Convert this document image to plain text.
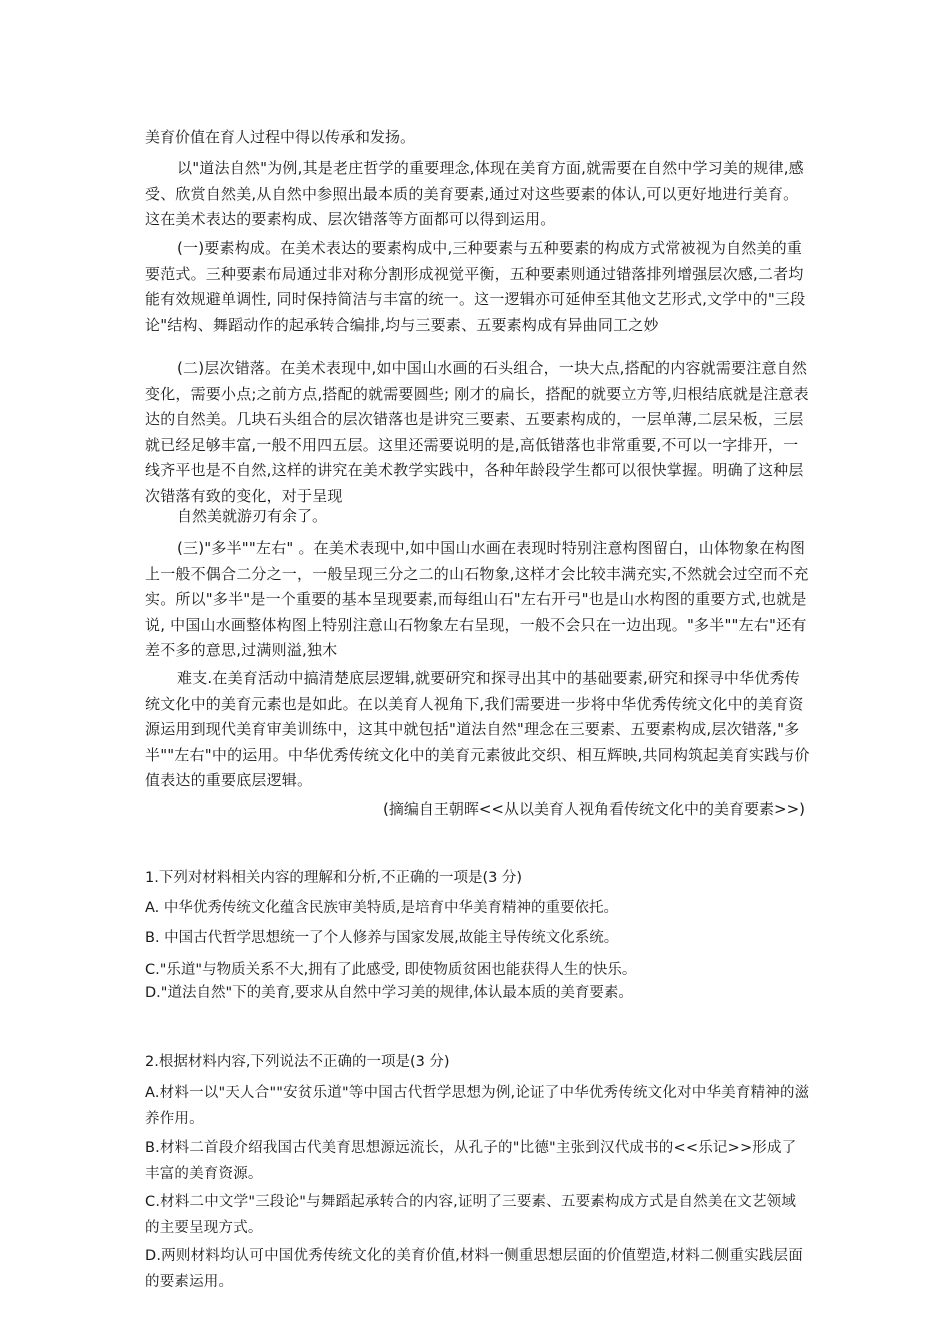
美育价值在育人过程中得以传承和发扬。

以"道法自然"为例,其是老庄哲学的重要理念,体现在美育方面,就需要在自然中学习美的规律,感受、欣赏自然美,从自然中参照出最本质的美育要素,通过对这些要素的体认,可以更好地进行美育。这在美术表达的要素构成、层次错落等方面都可以得到运用。

(一)要素构成。在美术表达的要素构成中,三种要素与五种要素的构成方式常被视为自然美的重要范式。三种要素布局通过非对称分割形成视觉平衡，五种要素则通过错落排列增强层次感,二者均能有效规避单调性, 同时保持简洁与丰富的统一。这一逻辑亦可延伸至其他文艺形式,文学中的"三段论"结构、舞蹈动作的起承转合编排,均与三要素、五要素构成有异曲同工之妙

(二)层次错落。在美术表现中,如中国山水画的石头组合，一块大点,搭配的内容就需要注意自然变化，需要小点;之前方点,搭配的就需要圆些; 刚才的扁长，搭配的就要立方等,归根结底就是注意表达的自然美。几块石头组合的层次错落也是讲究三要素、五要素构成的，一层单薄,二层呆板，三层就已经足够丰富,一般不用四五层。这里还需要说明的是,高低错落也非常重要,不可以一字排开，一线齐平也是不自然,这样的讲究在美术教学实践中，各种年龄段学生都可以很快掌握。明确了这种层次错落有致的变化，对于呈现

自然美就游刃有余了。

(三)"多半""左右" 。在美术表现中,如中国山水画在表现时特别注意构图留白，山体物象在构图上一般不偶合二分之一，一般呈现三分之二的山石物象,这样才会比较丰满充实,不然就会过空而不充实。所以"多半"是一个重要的基本呈现要素,而每组山石"左右开弓"也是山水构图的重要方式,也就是说, 中国山水画整体构图上特别注意山石物象左右呈现，一般不会只在一边出现。"多半""左右"还有差不多的意思,过满则溢,独木

难支.在美育活动中搞清楚底层逻辑,就要研究和探寻出其中的基础要素,研究和探寻中华优秀传统文化中的美育元素也是如此。在以美育人视角下,我们需要进一步将中华优秀传统文化中的美育资源运用到现代美育审美训练中，这其中就包括"道法自然"理念在三要素、五要素构成,层次错落,"多半""左右"中的运用。中华优秀传统文化中的美育元素彼此交织、相互辉映,共同构筑起美育实践与价值表达的重要底层逻辑。

(摘编自王朝晖<<从以美育人视角看传统文化中的美育要素>>)

1.下列对材料相关内容的理解和分析,不正确的一项是(3 分)

A. 中华优秀传统文化蕴含民族审美特质,是培育中华美育精神的重要依托。

B. 中国古代哲学思想统一了个人修养与国家发展,故能主导传统文化系统。

C."乐道"与物质关系不大,拥有了此感受, 即使物质贫困也能获得人生的快乐。

D."道法自然"下的美育,要求从自然中学习美的规律,体认最本质的美育要素。

2.根据材料内容,下列说法不正确的一项是(3 分)

A.材料一以"天人合""安贫乐道"等中国古代哲学思想为例,论证了中华优秀传统文化对中华美育精神的滋养作用。

B.材料二首段介绍我国古代美育思想源远流长，从孔子的"比德"主张到汉代成书的<<乐记>>形成了丰富的美育资源。

C.材料二中文学"三段论"与舞蹈起承转合的内容,证明了三要素、五要素构成方式是自然美在文艺领域的主要呈现方式。

D.两则材料均认可中国优秀传统文化的美育价值,材料一侧重思想层面的价值塑造,材料二侧重实践层面的要素运用。
